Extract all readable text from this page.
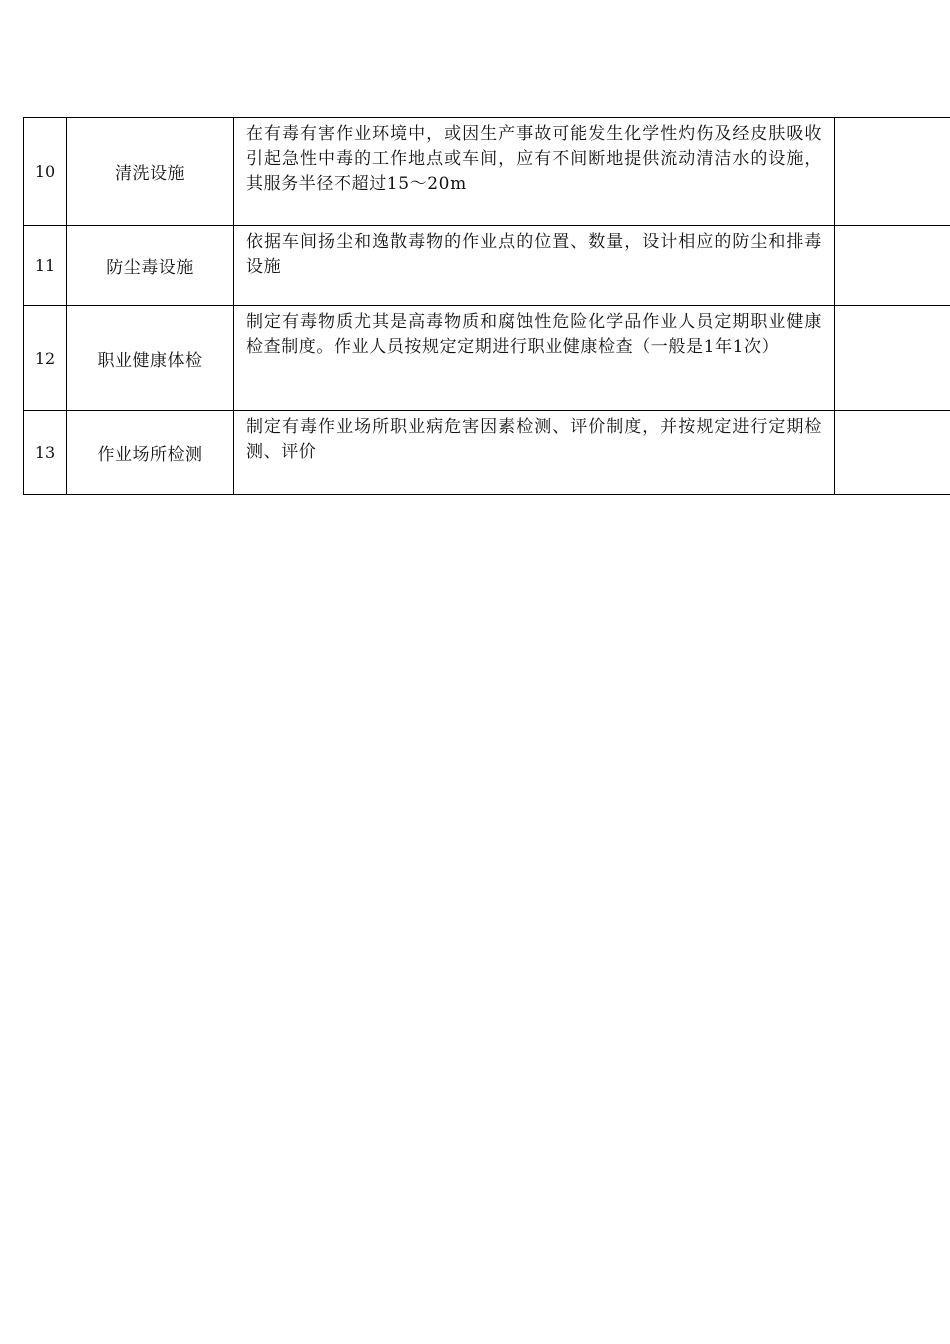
10	清洗设施	在有毒有害作业环境中，或因生产事故可能发生化学性灼伤及经皮肤吸收引起急性中毒的工作地点或车间，应有不间断地提供流动清洁水的设施，其服务半径不超过15～20m	
11	防尘毒设施	依据车间扬尘和逸散毒物的作业点的位置、数量，设计相应的防尘和排毒设施	
12	职业健康体检	制定有毒物质尤其是高毒物质和腐蚀性危险化学品作业人员定期职业健康检查制度。作业人员按规定定期进行职业健康检查（一般是1年1次）	
13	作业场所检测	制定有毒作业场所职业病危害因素检测、评价制度，并按规定进行定期检测、评价	
